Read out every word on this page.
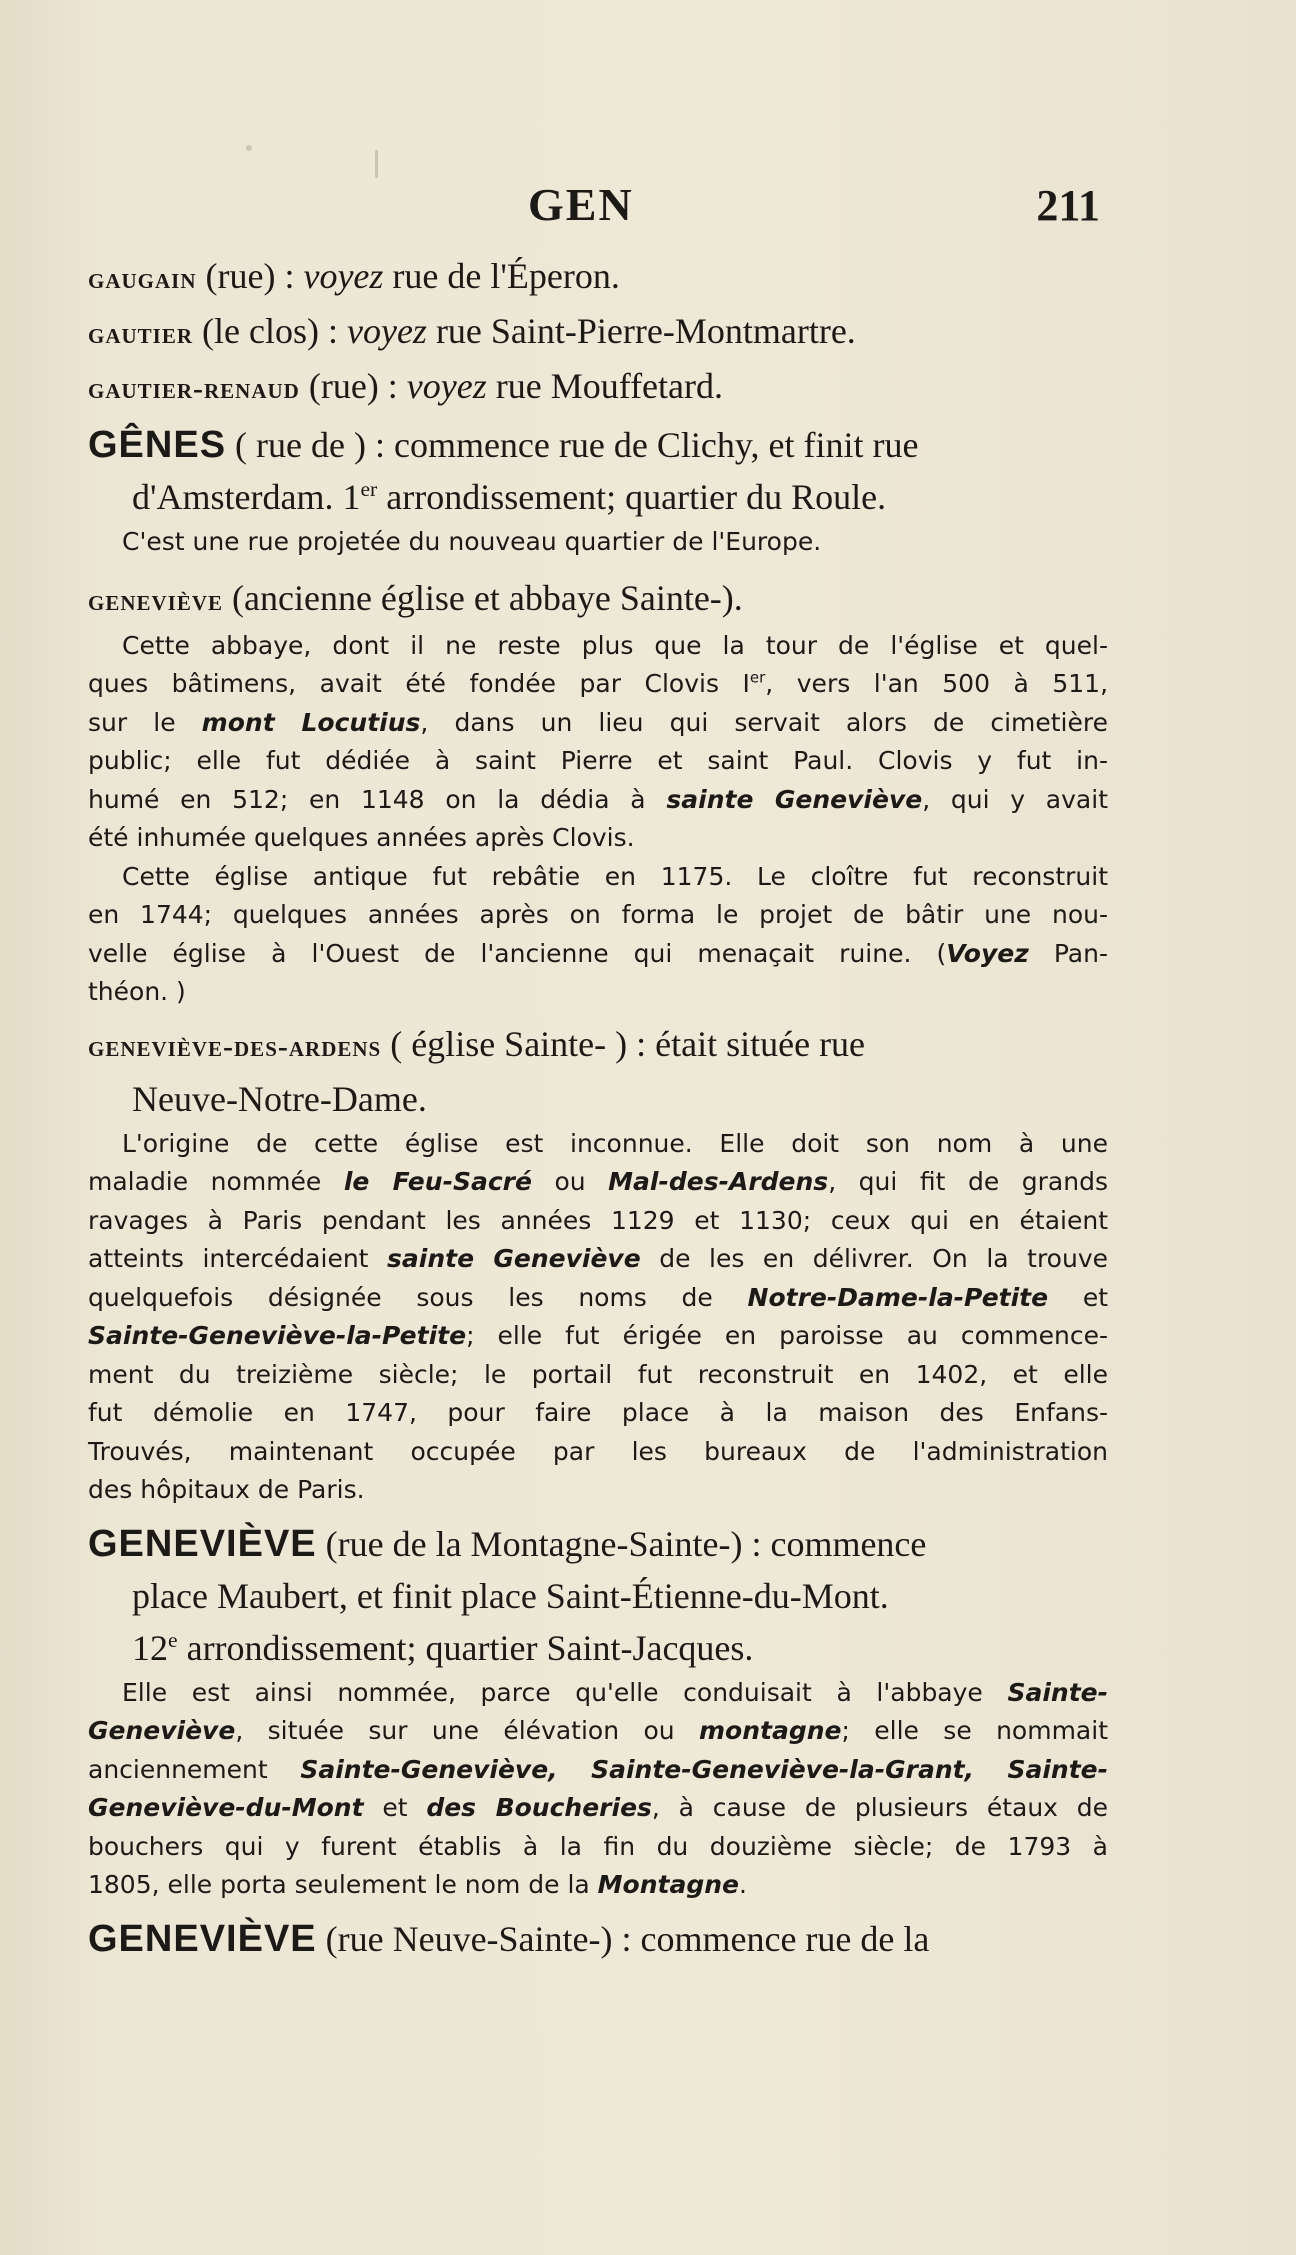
GEN	211
gaugain (rue) : voyez rue de l'Éperon.
gautier (le clos) : voyez rue Saint-Pierre-Montmartre.
gautier-renaud (rue) : voyez rue Mouffetard.
GÊNES ( rue de ) : commence rue de Clichy, et finit rue
d'Amsterdam. 1er arrondissement; quartier du Roule.
C'est une rue projetée du nouveau quartier de l'Europe.
geneviève (ancienne église et abbaye Sainte-).
Cette abbaye, dont il ne reste plus que la tour de l'église et quel-
ques bâtimens, avait été fondée par Clovis Ier, vers l'an 500 à 511,
sur le mont Locutius, dans un lieu qui servait alors de cimetière
public; elle fut dédiée à saint Pierre et saint Paul. Clovis y fut in-
humé en 512; en 1148 on la dédia à sainte Geneviève, qui y avait
été inhumée quelques années après Clovis.
Cette église antique fut rebâtie en 1175. Le cloître fut reconstruit
en 1744; quelques années après on forma le projet de bâtir une nou-
velle église à l'Ouest de l'ancienne qui menaçait ruine. (Voyez Pan-
théon. )
geneviève-des-ardens ( église Sainte- ) : était située rue
Neuve-Notre-Dame.
L'origine de cette église est inconnue. Elle doit son nom à une
maladie nommée le Feu-Sacré ou Mal-des-Ardens, qui fit de grands
ravages à Paris pendant les années 1129 et 1130; ceux qui en étaient
atteints intercédaient sainte Geneviève de les en délivrer. On la trouve
quelquefois désignée sous les noms de Notre-Dame-la-Petite et
Sainte-Geneviève-la-Petite; elle fut érigée en paroisse au commence-
ment du treizième siècle; le portail fut reconstruit en 1402, et elle
fut démolie en 1747, pour faire place à la maison des Enfans-
Trouvés, maintenant occupée par les bureaux de l'administration
des hôpitaux de Paris.
GENEVIÈVE (rue de la Montagne-Sainte-) : commence
place Maubert, et finit place Saint-Étienne-du-Mont.
12e arrondissement; quartier Saint-Jacques.
Elle est ainsi nommée, parce qu'elle conduisait à l'abbaye Sainte-
Geneviève, située sur une élévation ou montagne; elle se nommait
anciennement Sainte-Geneviève, Sainte-Geneviève-la-Grant, Sainte-
Geneviève-du-Mont et des Boucheries, à cause de plusieurs étaux de
bouchers qui y furent établis à la fin du douzième siècle; de 1793 à
1805, elle porta seulement le nom de la Montagne.
GENEVIÈVE (rue Neuve-Sainte-) : commence rue de la
